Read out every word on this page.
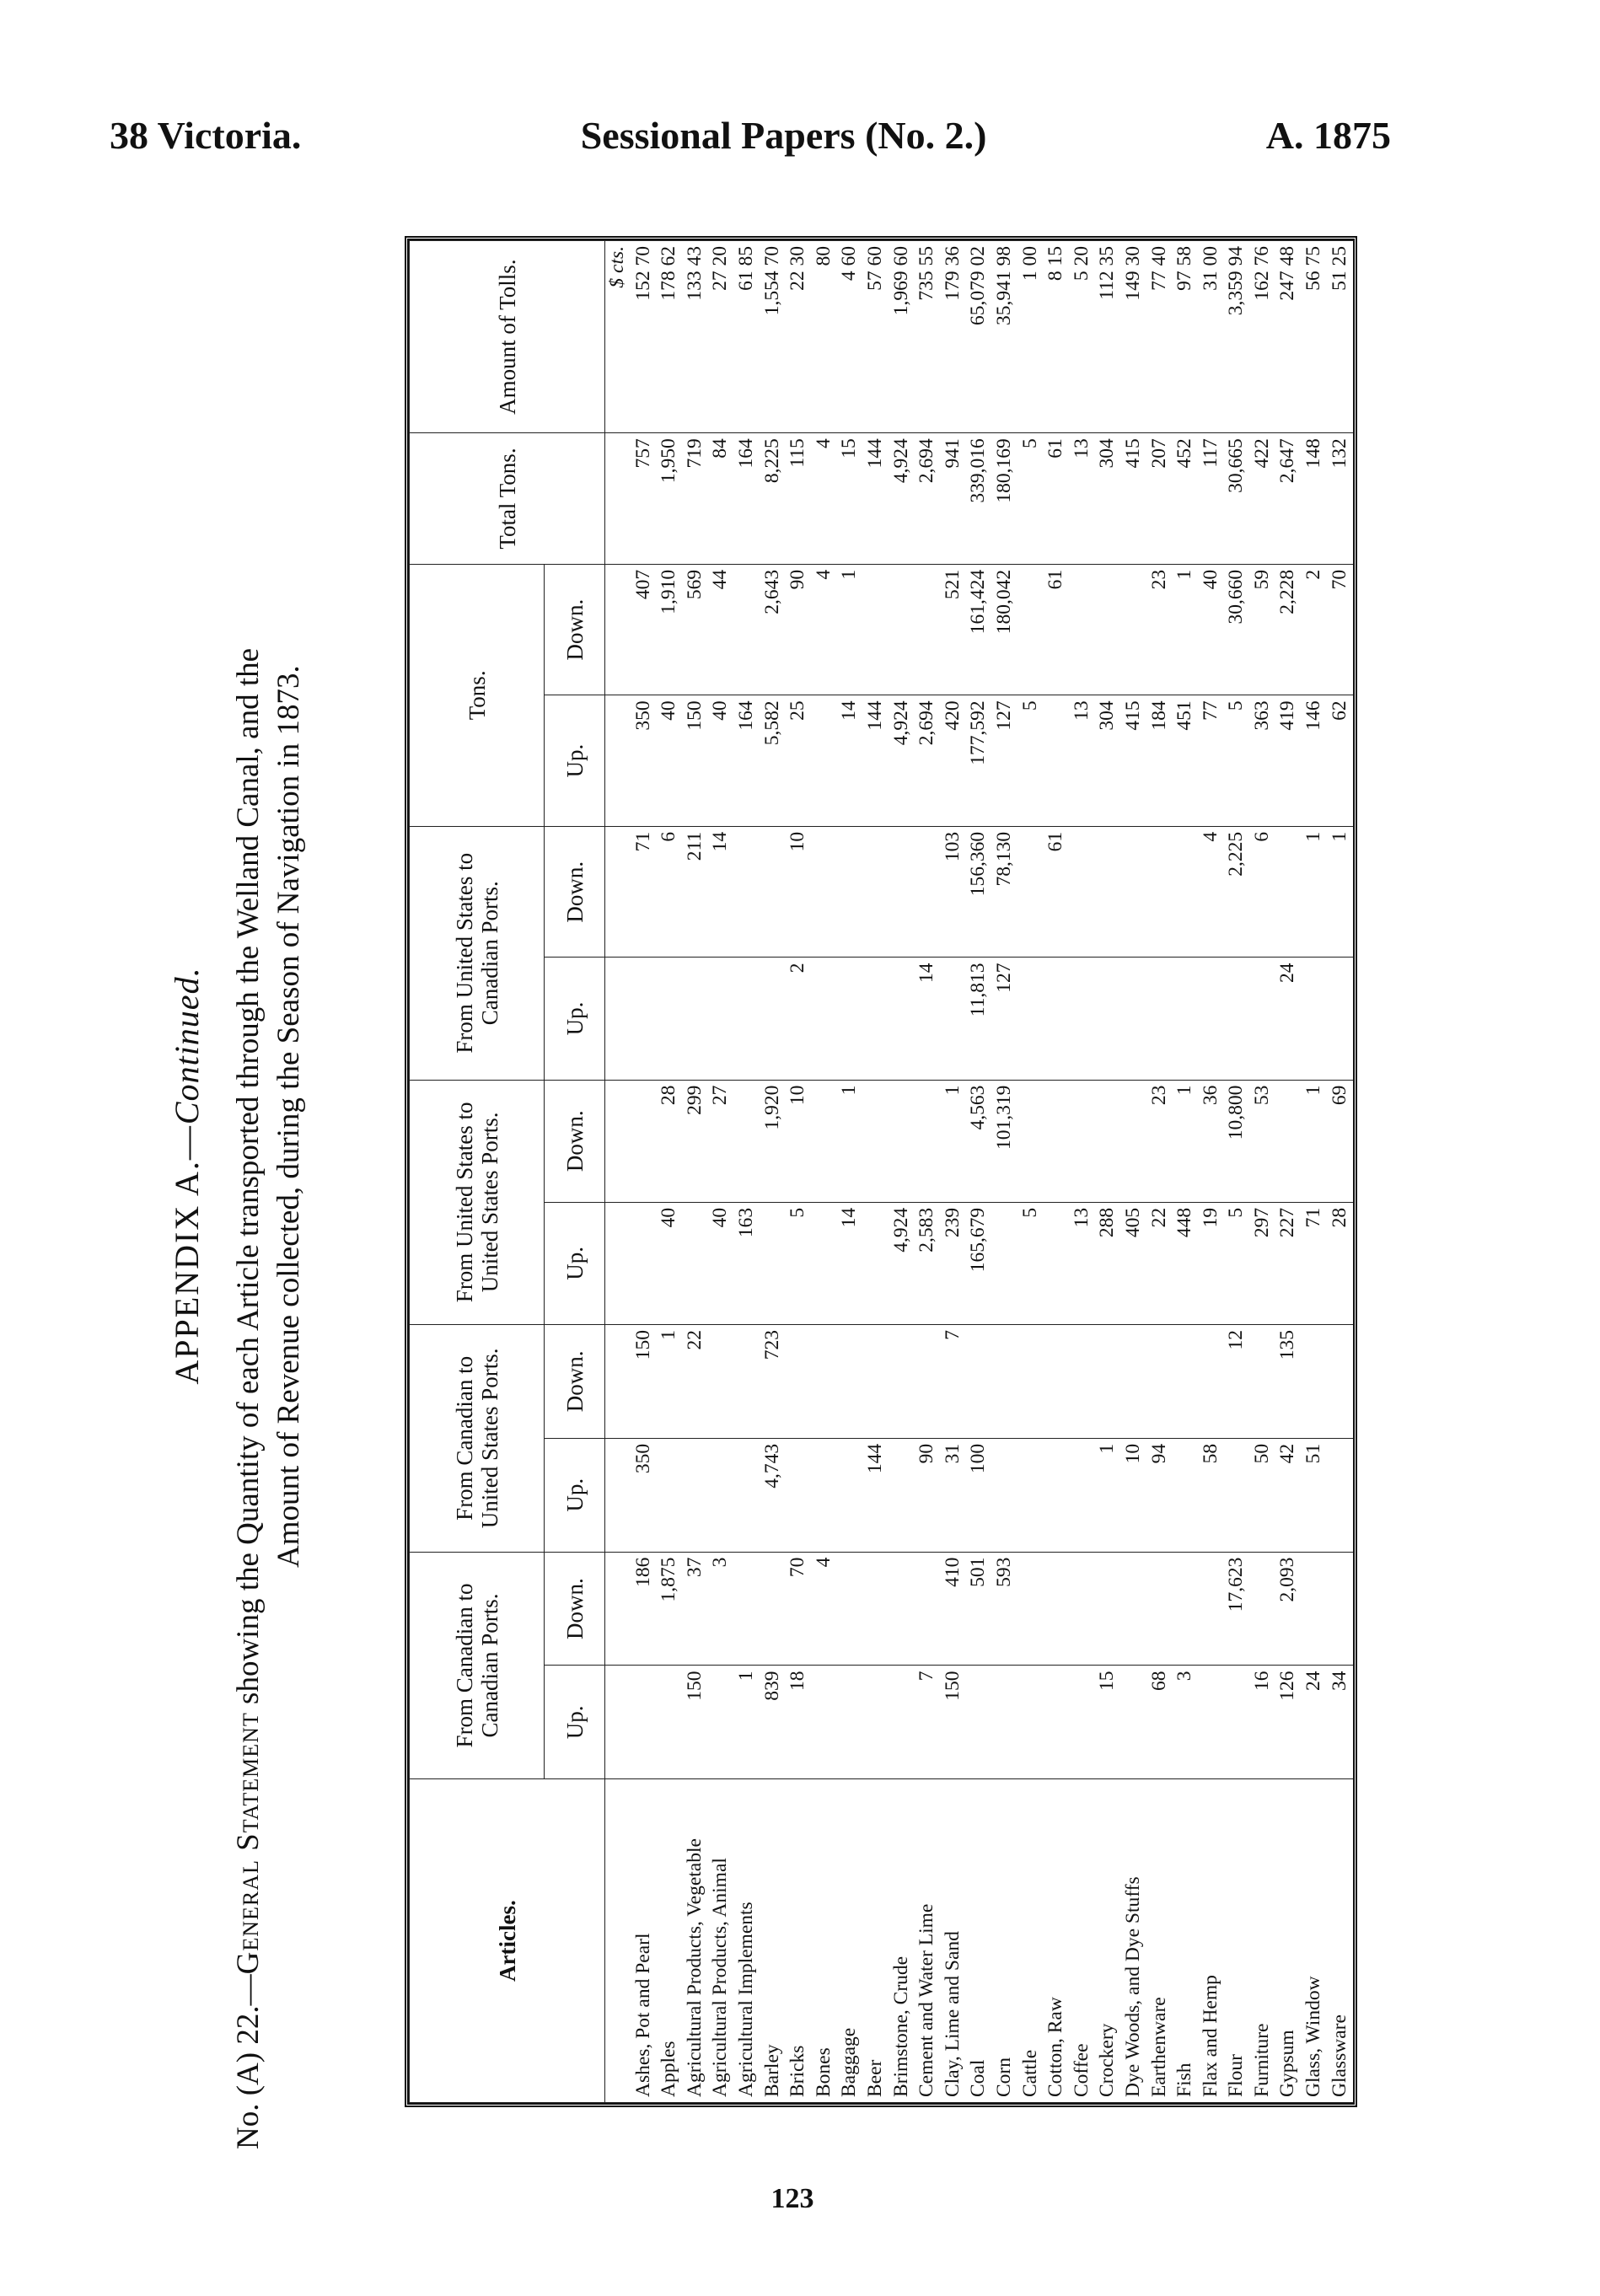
38 Victoria.	Sessional Papers (No. 2.)	A. 1875
APPENDIX A.—Continued.
No. (A) 22.—General Statement showing the Quantity of each Article transported through the Welland Canal, and the Amount of Revenue collected, during the Season of Navigation in 1873.
Articles.	From Canadian to Canadian Ports.		From Canadian to United States Ports.		From United States to United States Ports.		From United States to Canadian Ports.		Tons.		Total Tons.	Amount of Tolls.
	Up.	Down.	Up.	Down.	Up.	Down.	Up.	Down.	Up.	Down.		
												$ cts.
Ashes, Pot and Pearl		186	350	150				71	350	407	757	152 70
Apples		1,875		1	40	28		6	40	1,910	1,950	178 62
Agricultural Products, Vegetable	150	37		22		299		211	150	569	719	133 43
Agricultural Products, Animal		3			40	27		14	40	44	84	27 20
Agricultural Implements	1				163				164		164	61 85
Barley	839		4,743	723		1,920			5,582	2,643	8,225	1,554 70
Bricks	18	70			5	10	2	10	25	90	115	22 30
Bones		4								4	4	80
Baggage					14	1			14	1	15	4 60
Beer			144						144		144	57 60
Brimstone, Crude					4,924				4,924		4,924	1,969 60
Cement and Water Lime	7		90		2,583		14		2,694		2,694	735 55
Clay, Lime and Sand	150	410	31	7	239	1		103	420	521	941	179 36
Coal		501	100		165,679	4,563	11,813	156,360	177,592	161,424	339,016	65,079 02
Corn		593				101,319	127	78,130	127	180,042	180,169	35,941 98
Cattle					5				5		5	1 00
Cotton, Raw								61		61	61	8 15
Coffee					13				13		13	5 20
Crockery	15		1		288				304		304	112 35
Dye Woods, and Dye Stuffs			10		405				415		415	149 30
Earthenware	68		94		22	23			184	23	207	77 40
Fish	3				448	1			451	1	452	97 58
Flax and Hemp			58		19	36		4	77	40	117	31 00
Flour		17,623		12	5	10,800		2,225	5	30,660	30,665	3,359 94
Furniture	16		50		297	53		6	363	59	422	162 76
Gypsum	126	2,093	42	135	227		24		419	2,228	2,647	247 48
Glass, Window	24		51		71	1		1	146	2	148	56 75
Glassware	34				28	69		1	62	70	132	51 25
123
